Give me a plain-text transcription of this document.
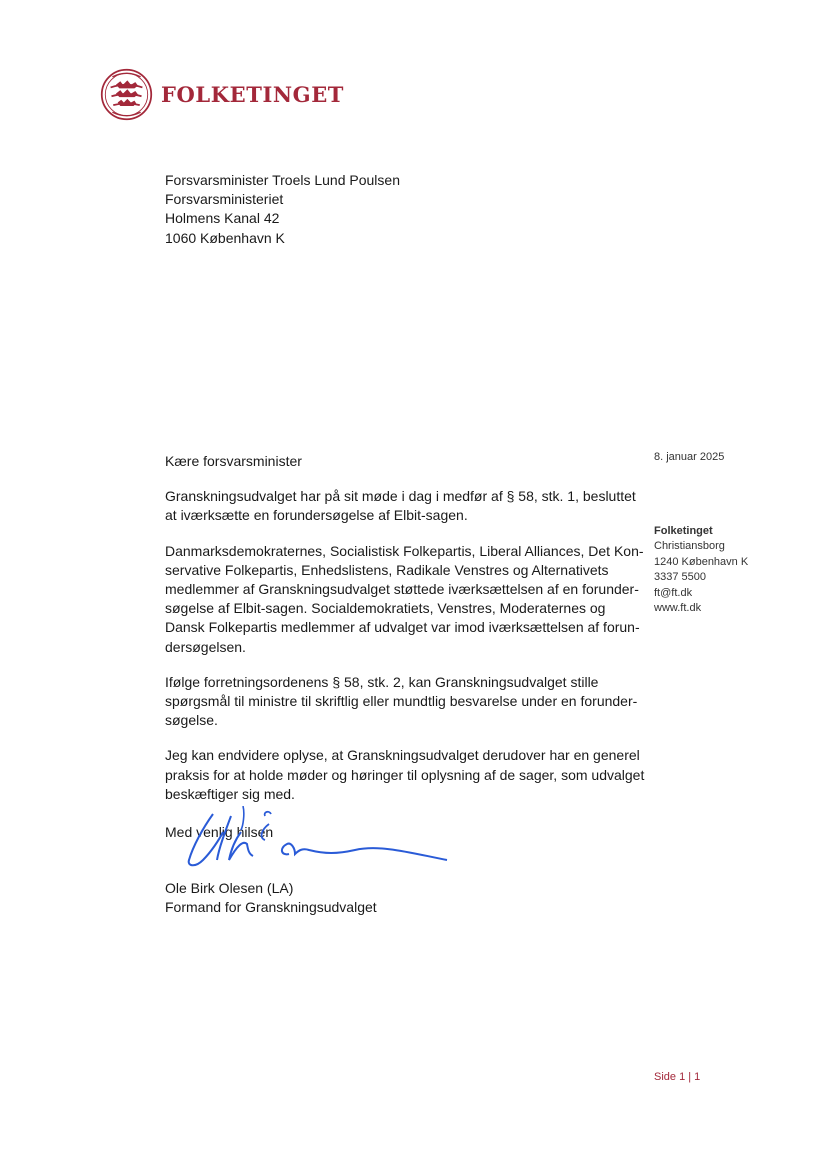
FOLKETINGET
Forsvarsminister Troels Lund Poulsen
Forsvarsministeriet
Holmens Kanal 42
1060 København K
8. januar 2025
Folketinget
Christiansborg
1240 København K
3337 5500
ft@ft.dk
www.ft.dk

Kære forsvarsminister

Granskningsudvalget har på sit møde i dag i medfør af § 58, stk. 1, besluttet
at iværksætte en forundersøgelse af Elbit-sagen.

Danmarksdemokraternes, Socialistisk Folkepartis, Liberal Alliances, Det Kon-
servative Folkepartis, Enhedslistens, Radikale Venstres og Alternativets
medlemmer af Granskningsudvalget støttede iværksættelsen af en forunder-
søgelse af Elbit-sagen. Socialdemokratiets, Venstres, Moderaternes og
Dansk Folkepartis medlemmer af udvalget var imod iværksættelsen af forun-
dersøgelsen.

Ifølge forretningsordenens § 58, stk. 2, kan Granskningsudvalget stille
spørgsmål til ministre til skriftlig eller mundtlig besvarelse under en forunder-
søgelse.

Jeg kan endvidere oplyse, at Granskningsudvalget derudover har en generel
praksis for at holde møder og høringer til oplysning af de sager, som udvalget
beskæftiger sig med.

Med venlig hilsen
Ole Birk Olesen (LA)
Formand for Granskningsudvalget
Side 1 | 1
